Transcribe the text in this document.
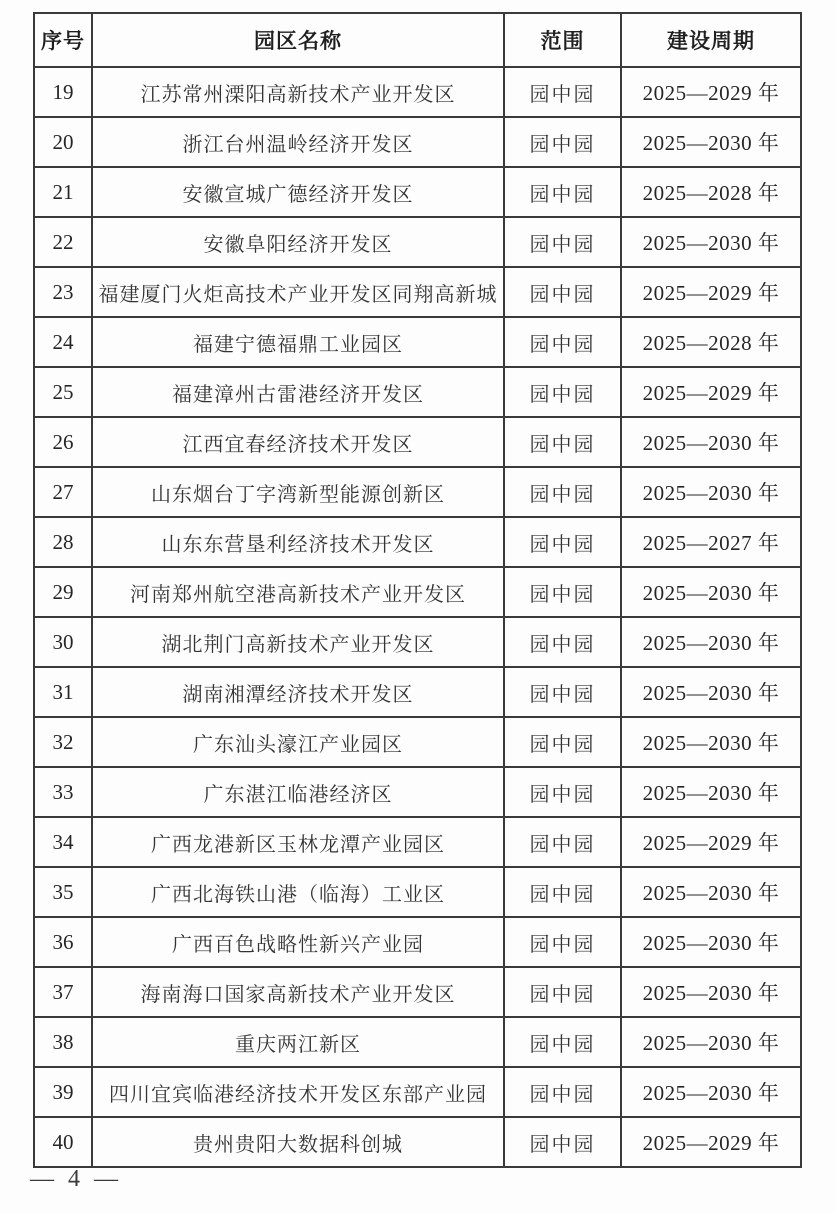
序号	园区名称	范围	建设周期
19	江苏常州溧阳高新技术产业开发区	园中园	2025—2029 年
20	浙江台州温岭经济开发区	园中园	2025—2030 年
21	安徽宣城广德经济开发区	园中园	2025—2028 年
22	安徽阜阳经济开发区	园中园	2025—2030 年
23	福建厦门火炬高技术产业开发区同翔高新城	园中园	2025—2029 年
24	福建宁德福鼎工业园区	园中园	2025—2028 年
25	福建漳州古雷港经济开发区	园中园	2025—2029 年
26	江西宜春经济技术开发区	园中园	2025—2030 年
27	山东烟台丁字湾新型能源创新区	园中园	2025—2030 年
28	山东东营垦利经济技术开发区	园中园	2025—2027 年
29	河南郑州航空港高新技术产业开发区	园中园	2025—2030 年
30	湖北荆门高新技术产业开发区	园中园	2025—2030 年
31	湖南湘潭经济技术开发区	园中园	2025—2030 年
32	广东汕头濠江产业园区	园中园	2025—2030 年
33	广东湛江临港经济区	园中园	2025—2030 年
34	广西龙港新区玉林龙潭产业园区	园中园	2025—2029 年
35	广西北海铁山港（临海）工业区	园中园	2025—2030 年
36	广西百色战略性新兴产业园	园中园	2025—2030 年
37	海南海口国家高新技术产业开发区	园中园	2025—2030 年
38	重庆两江新区	园中园	2025—2030 年
39	四川宜宾临港经济技术开发区东部产业园	园中园	2025—2030 年
40	贵州贵阳大数据科创城	园中园	2025—2029 年
— 4 —
